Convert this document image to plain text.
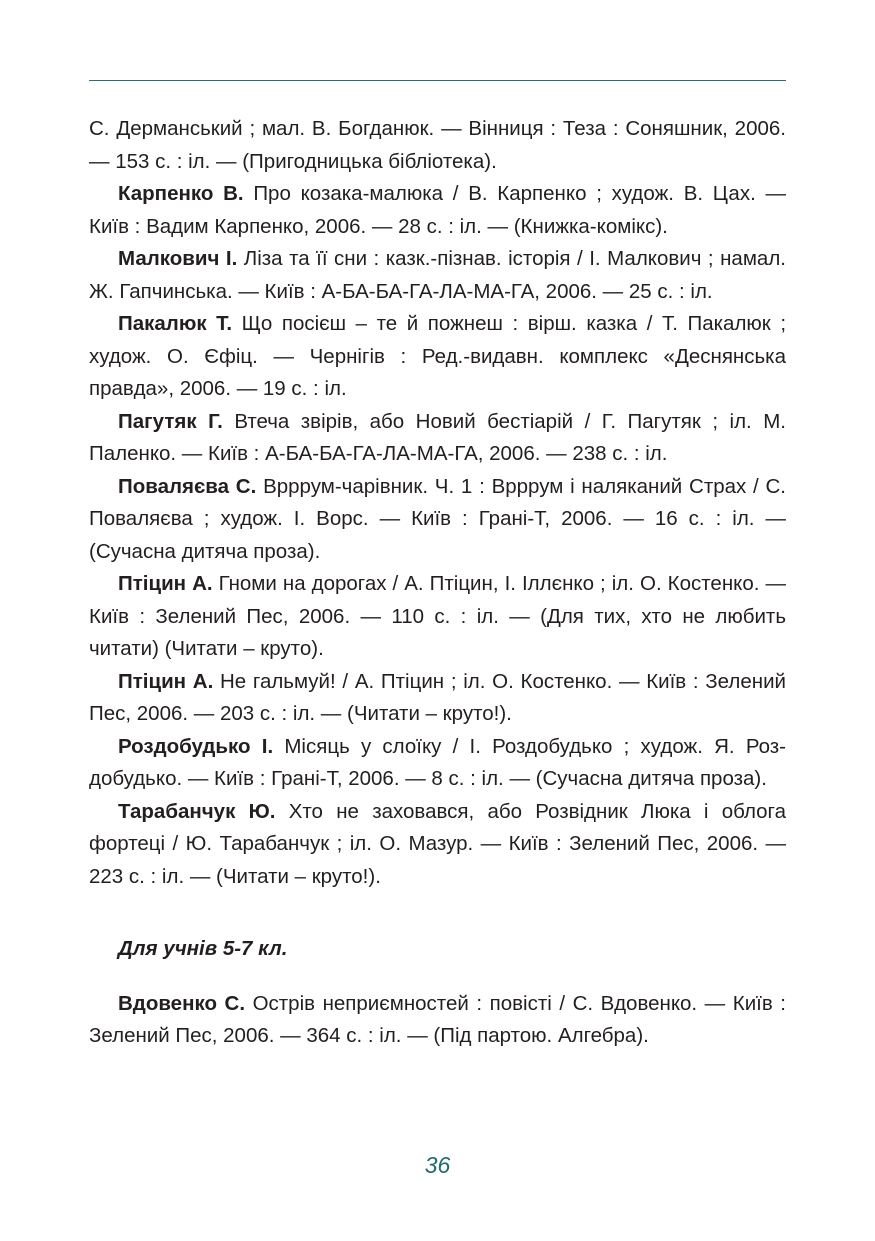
С. Дерманський ; мал. В. Богданюк. — Вінниця : Теза : Соняшник, 2006. — 153 с. : іл. — (Пригодницька бібліотека).

Карпенко В. Про козака-малюка / В. Карпенко ; худож. В. Цах. — Київ : Вадим Карпенко, 2006. — 28 с. : іл. — (Книжка-комікс).

Малкович І. Ліза та її сни : казк.-пізнав. історія / І. Малкович ; намал. Ж. Гапчинська. — Київ : А-БА-БА-ГА-ЛА-МА-ГА, 2006. — 25 с. : іл.

Пакалюк Т. Що посієш – те й пожнеш : вірш. казка / Т. Пакалюк ; худож. О. Єфіц. — Чернігів : Ред.-видавн. комплекс «Деснянська правда», 2006. — 19 с. : іл.

Пагутяк Г. Втеча звірів, або Новий бестіарій / Г. Пагутяк ; іл. М. Паленко. — Київ : А-БА-БА-ГА-ЛА-МА-ГА, 2006. — 238 с. : іл.

Поваляєва С. Врррум-чарівник. Ч. 1 : Врррум і наляканий Страх / С. Поваляєва ; худож. І. Ворс. — Київ : Грані-Т, 2006. — 16 с. : іл. — (Сучасна дитяча проза).

Птіцин А. Гноми на дорогах / А. Птіцин, І. Іллєнко ; іл. О. Костенко. — Київ : Зелений Пес, 2006. — 110 с. : іл. — (Для тих, хто не любить читати) (Читати – круто).

Птіцин А. Не гальмуй! / А. Птіцин ; іл. О. Костенко. — Київ : Зелений Пес, 2006. — 203 с. : іл. — (Читати – круто!).

Роздобудько І. Місяць у слоїку / І. Роздобудько ; худож. Я. Роздобудько. — Київ : Грані-Т, 2006. — 8 с. : іл. — (Сучасна дитяча проза).

Тарабанчук Ю. Хто не заховався, або Розвідник Люка і облога фортеці / Ю. Тарабанчук ; іл. О. Мазур. — Київ : Зелений Пес, 2006. — 223 с. : іл. — (Читати – круто!).

Для учнів 5-7 кл.

Вдовенко С. Острів неприємностей : повісті / С. Вдовенко. — Київ : Зелений Пес, 2006. — 364 с. : іл. — (Під партою. Алгебра).

36
